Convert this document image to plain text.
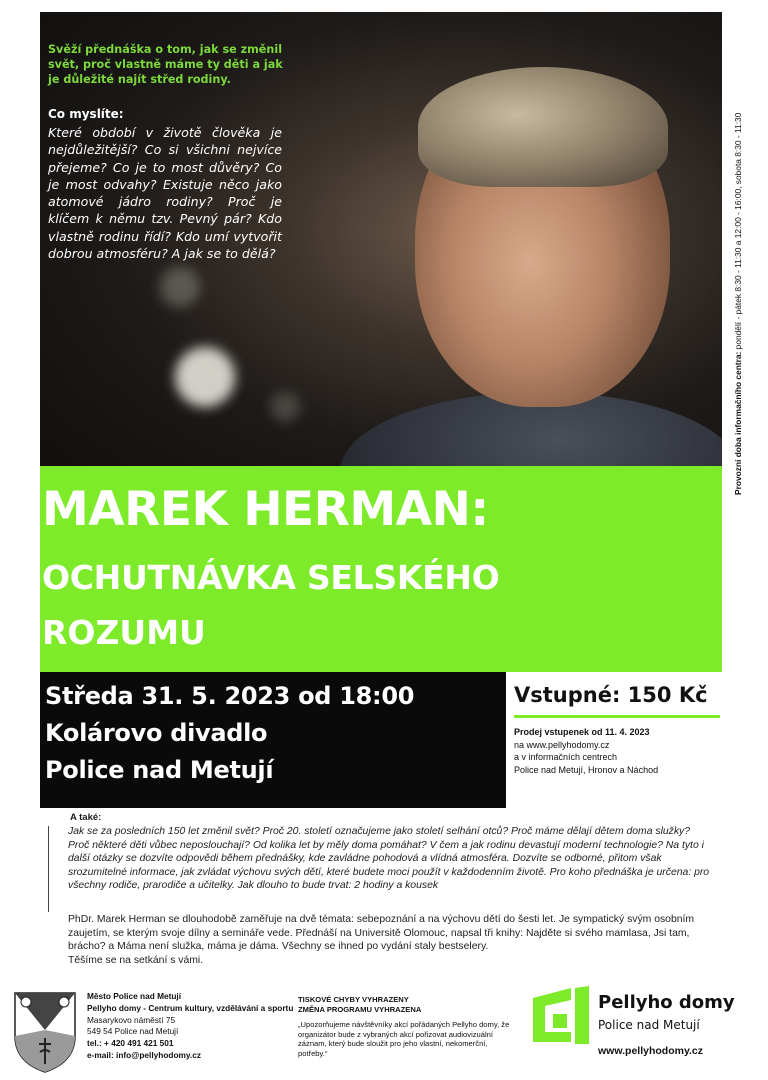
Svěží přednáška o tom, jak se změnil svět, proč vlastně máme ty děti a jak je důležité najít střed rodiny.
Co myslíte:
Které období v životě člověka je nejdůležitější? Co si všichni nejvíce přejeme? Co je to most důvěry? Co je most odvahy? Existuje něco jako atomové jádro rodiny? Proč je klíčem k němu tzv. Pevný pár? Kdo vlastně rodinu řídí? Kdo umí vytvořit dobrou atmosféru? A jak se to dělá?
Provozní doba informačního centra: pondělí - pátek 8:30 - 11:30 a 12:00 - 16:00, sobota 8:30 - 11:30
MAREK HERMAN:
OCHUTNÁVKA SELSKÉHO
ROZUMU
Středa 31. 5. 2023 od 18:00
Kolárovo divadlo
Police nad Metují
Vstupné: 150 Kč
Prodej vstupenek od 11. 4. 2023
na www.pellyhodomy.cz
a v informačních centrech
Police nad Metují, Hronov a Náchod
A také:
Jak se za posledních 150 let změnil svět? Proč 20. století označujeme jako století selhání otců? Proč máme dělají dětem doma služky? Proč některé děti vůbec neposlouchají? Od kolika let by měly doma pomáhat? V čem a jak rodinu devastují moderní technologie? Na tyto i další otázky se dozvíte odpovědi během přednášky, kde zavládne pohodová a vlídná atmosféra. Dozvíte se odborné, přitom však srozumitelné informace, jak zvládat výchovu svých dětí, které budete moci použít v každodenním životě. Pro koho přednáška je určena: pro všechny rodiče, prarodiče a učitelky. Jak dlouho to bude trvat: 2 hodiny a kousek
PhDr. Marek Herman se dlouhodobě zaměřuje na dvě témata: sebepoznání a na výchovu dětí do šesti let. Je sympatický svým osobním zaujetím, se kterým svoje dílny a semináře vede. Přednáší na Universitě Olomouc, napsal tři knihy: Najděte si svého mamlasa, Jsi tam, brácho? a Máma není služka, máma je dáma. Všechny se ihned po vydání staly bestselery.
Těšíme se na setkání s vámi.
Město Police nad Metují
Pellyho domy - Centrum kultury, vzdělávání a sportu
Masarykovo náměstí 75
549 54 Police nad Metují
tel.: + 420 491 421 501
e-mail: info@pellyhodomy.cz
TISKOVÉ CHYBY VYHRAZENY
ZMĚNA PROGRAMU VYHRAZENA
„Upozorňujeme návštěvníky akcí pořádaných Pellyho domy, že organizátor bude z vybraných akcí pořizovat audiovizuální záznam, který bude sloužit pro jeho vlastní, nekomerční, potřeby.“
Pellyho domy
Police nad Metují
www.pellyhodomy.cz
